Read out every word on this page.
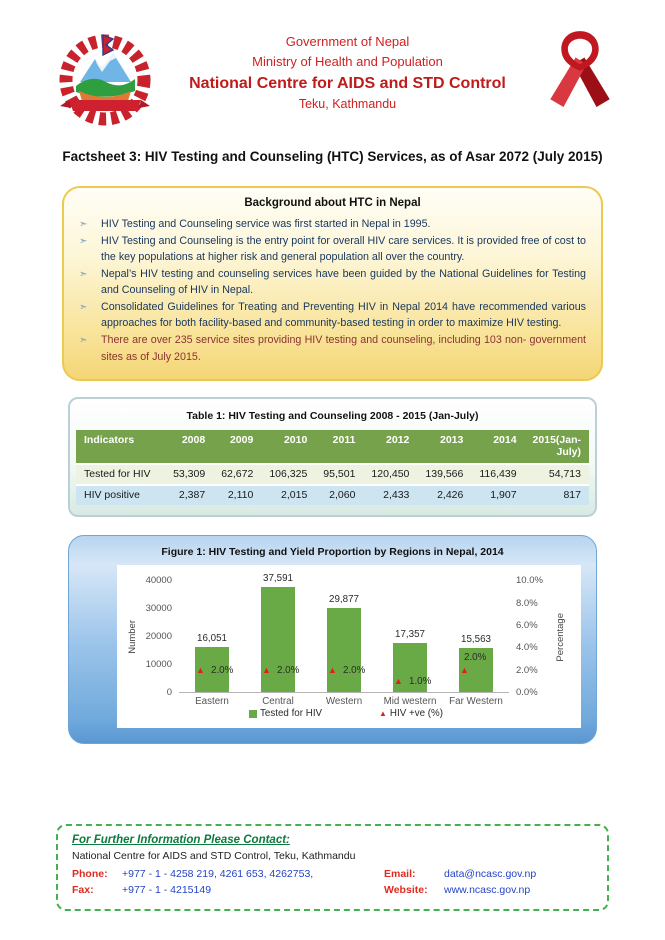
Government of Nepal
Ministry of Health and Population
National Centre for AIDS and STD Control
Teku, Kathmandu
Factsheet 3: HIV Testing and Counseling (HTC) Services, as of Asar 2072 (July 2015)
Background about HTC in Nepal
➣	HIV Testing and Counseling service was first started in Nepal in 1995.
➣	HIV Testing and Counseling is the entry point for overall HIV care services. It is provided free of cost to the key populations at higher risk and general population all over the country.
➣	Nepal’s HIV testing and counseling services have been guided by the National Guidelines for Testing and Counseling of HIV in Nepal.
➣	Consolidated Guidelines for Treating and Preventing HIV in Nepal 2014 have recommended various approaches for both facility-based and community-based testing in order to maximize HIV testing.
➣	There are over 235 service sites providing HIV testing and counseling, including 103 non- government sites as of July 2015.
Table 1: HIV Testing and Counseling 2008 - 2015 (Jan-July)
Indicators	2008	2009	2010	2011	2012	2013	2014	2015(Jan-July)
Tested for HIV	53,309	62,672	106,325	95,501	120,450	139,566	116,439	54,713
HIV positive	2,387	2,110	2,015	2,060	2,433	2,426	1,907	817
Figure 1: HIV Testing and Yield Proportion by Regions in Nepal, 2014
Number
0
10000
20000
30000
40000
16,051
▲ 2.0%
37,591
▲ 2.0%
29,877
▲ 2.0%
17,357
▲ 1.0%
15,563
▲
2.0%
Eastern	Central	Western	Mid western	Far Western
Tested for HIV	▲ HIV +ve (%)
0.0%
2.0%
4.0%
6.0%
8.0%
10.0%
Percentage
For Further Information Please Contact:
National Centre for AIDS and STD Control, Teku, Kathmandu
Phone:	+977 - 1 - 4258 219, 4261 653, 4262753,	Email:	data@ncasc.gov.np
Fax:	+977 - 1 - 4215149	Website:	www.ncasc.gov.np
